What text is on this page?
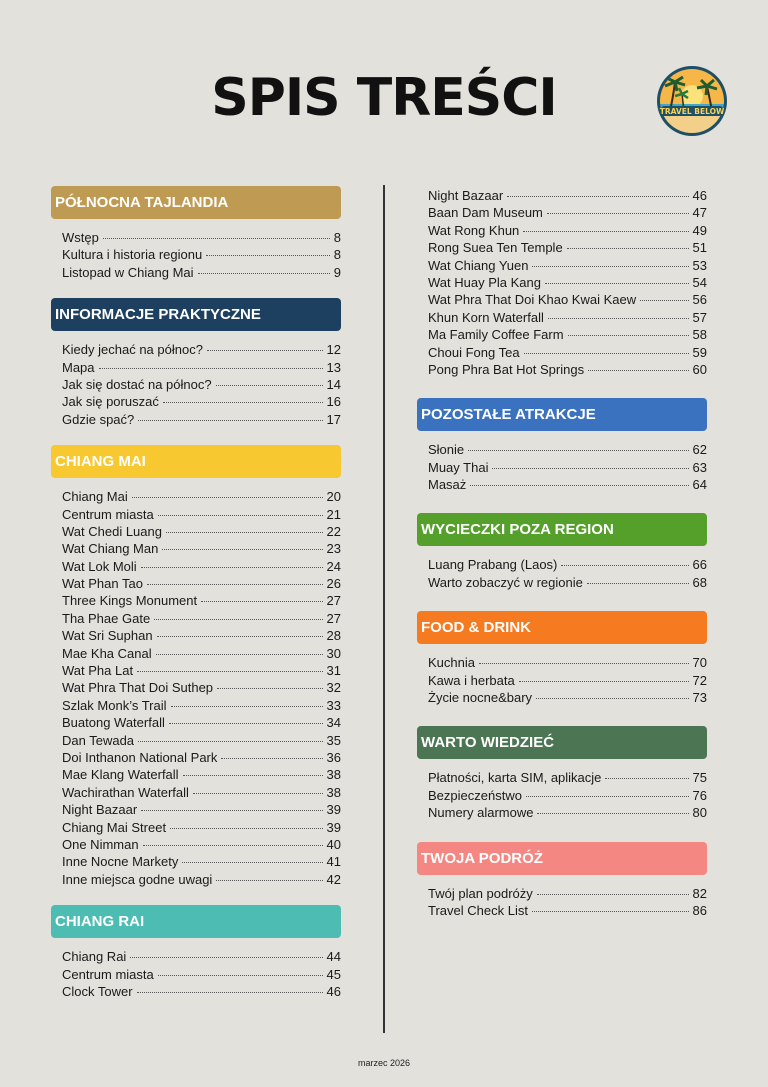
SPIS TREŚCI	TRAVEL BELOW
PÓŁNOCNA TAJLANDIA
Wstęp	8
Kultura i historia regionu	8
Listopad w Chiang Mai	9
INFORMACJE PRAKTYCZNE
Kiedy jechać na północ?	12
Mapa	13
Jak się dostać na północ?	14
Jak się poruszać	16
Gdzie spać?	17
CHIANG MAI
Chiang Mai	20
Centrum miasta	21
Wat Chedi Luang	22
Wat Chiang Man	23
Wat Lok Moli	24
Wat Phan Tao	26
Three Kings Monument	27
Tha Phae Gate	27
Wat Sri Suphan	28
Mae Kha Canal	30
Wat Pha Lat	31
Wat Phra That Doi Suthep	32
Szlak Monk’s Trail	33
Buatong Waterfall	34
Dan Tewada	35
Doi Inthanon National Park	36
Mae Klang Waterfall	38
Wachirathan Waterfall	38
Night Bazaar	39
Chiang Mai Street	39
One Nimman	40
Inne Nocne Markety	41
Inne miejsca godne uwagi	42
CHIANG RAI
Chiang Rai	44
Centrum miasta	45
Clock Tower	46
Night Bazaar	46
Baan Dam Museum	47
Wat Rong Khun	49
Rong Suea Ten Temple	51
Wat Chiang Yuen	53
Wat Huay Pla Kang	54
Wat Phra That Doi Khao Kwai Kaew	56
Khun Korn Waterfall	57
Ma Family Coffee Farm	58
Choui Fong Tea	59
Pong Phra Bat Hot Springs	60
POZOSTAŁE ATRAKCJE
Słonie	62
Muay Thai	63
Masaż	64
WYCIECZKI POZA REGION
Luang Prabang (Laos)	66
Warto zobaczyć w regionie	68
FOOD & DRINK
Kuchnia	70
Kawa i herbata	72
Życie nocne&bary	73
WARTO WIEDZIEĆ
Płatności, karta SIM, aplikacje	75
Bezpieczeństwo	76
Numery alarmowe	80
TWOJA PODRÓŻ
Twój plan podróży	82
Travel Check List	86
marzec 2026
